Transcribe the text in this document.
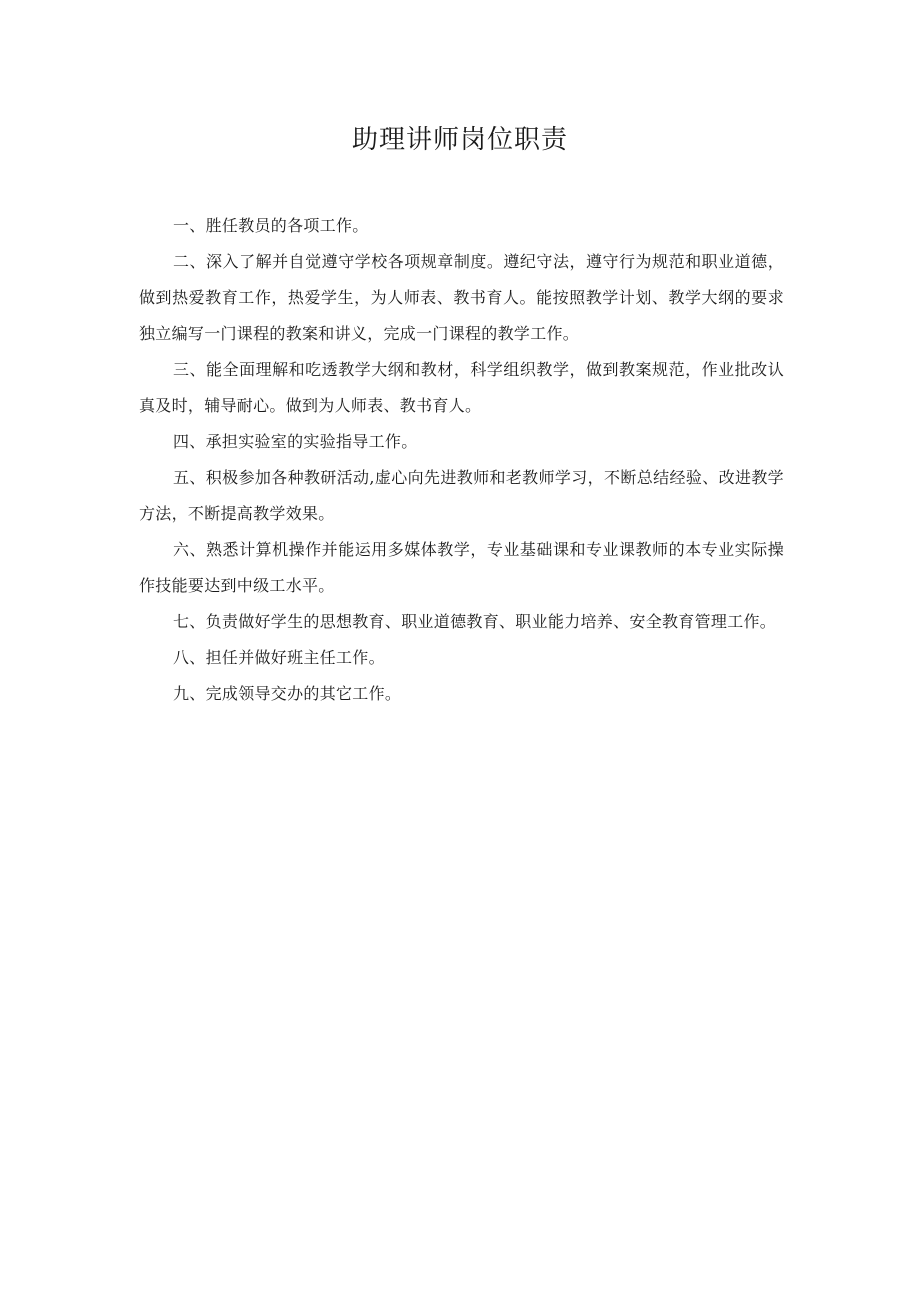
助理讲师岗位职责

一、胜任教员的各项工作。

二、深入了解并自觉遵守学校各项规章制度。遵纪守法，遵守行为规范和职业道德，做到热爱教育工作，热爱学生，为人师表、教书育人。能按照教学计划、教学大纲的要求独立编写一门课程的教案和讲义，完成一门课程的教学工作。

三、能全面理解和吃透教学大纲和教材，科学组织教学，做到教案规范，作业批改认真及时，辅导耐心。做到为人师表、教书育人。

四、承担实验室的实验指导工作。

五、积极参加各种教研活动,虚心向先进教师和老教师学习，不断总结经验、改进教学方法，不断提高教学效果。

六、熟悉计算机操作并能运用多媒体教学，专业基础课和专业课教师的本专业实际操作技能要达到中级工水平。

七、负责做好学生的思想教育、职业道德教育、职业能力培养、安全教育管理工作。

八、担任并做好班主任工作。

九、完成领导交办的其它工作。
